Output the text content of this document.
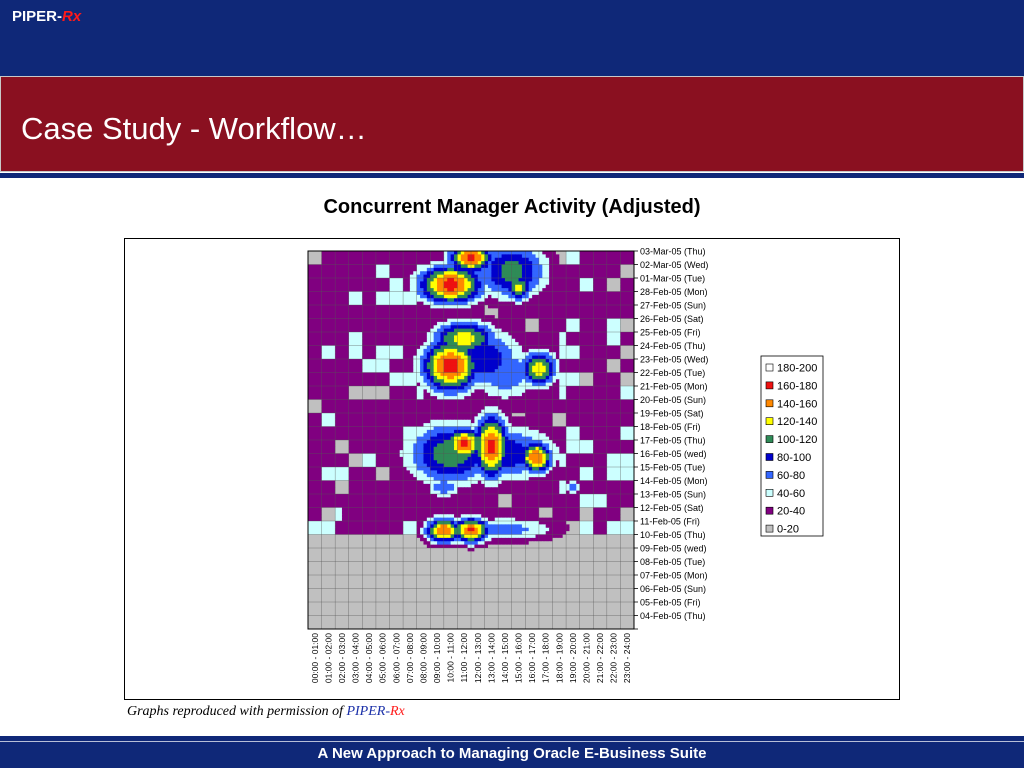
PIPER-Rx
Case Study - Workflow…
Concurrent Manager Activity (Adjusted)
03-Mar-05 (Thu)
02-Mar-05 (Wed)
01-Mar-05 (Tue)
28-Feb-05 (Mon)
27-Feb-05 (Sun)
26-Feb-05 (Sat)
25-Feb-05 (Fri)
24-Feb-05 (Thu)
23-Feb-05 (Wed)
22-Feb-05 (Tue)
21-Feb-05 (Mon)
20-Feb-05 (Sun)
19-Feb-05 (Sat)
18-Feb-05 (Fri)
17-Feb-05 (Thu)
16-Feb-05 (wed)
15-Feb-05 (Tue)
14-Feb-05 (Mon)
13-Feb-05 (Sun)
12-Feb-05 (Sat)
11-Feb-05 (Fri)
10-Feb-05 (Thu)
09-Feb-05 (wed)
08-Feb-05 (Tue)
07-Feb-05 (Mon)
06-Feb-05 (Sun)
05-Feb-05 (Fri)
04-Feb-05 (Thu)
00:00 - 01:00 01:00 - 02:00 02:00 - 03:00 03:00 - 04:00 04:00 - 05:00 05:00 - 06:00 06:00 - 07:00 07:00 - 08:00 08:00 - 09:00 09:00 - 10:00 10:00 - 11:00 11:00 - 12:00 12:00 - 13:00 13:00 - 14:00 14:00 - 15:00 15:00 - 16:00 16:00 - 17:00 17:00 - 18:00 18:00 - 19:00 19:00 - 20:00 20:00 - 21:00 21:00 - 22:00 22:00 - 23:00 23:00 - 24:00
180-200
160-180
140-160
120-140
100-120
80-100
60-80
40-60
20-40
0-20
Graphs reproduced with permission of PIPER-Rx
A New Approach to Managing Oracle E-Business Suite
